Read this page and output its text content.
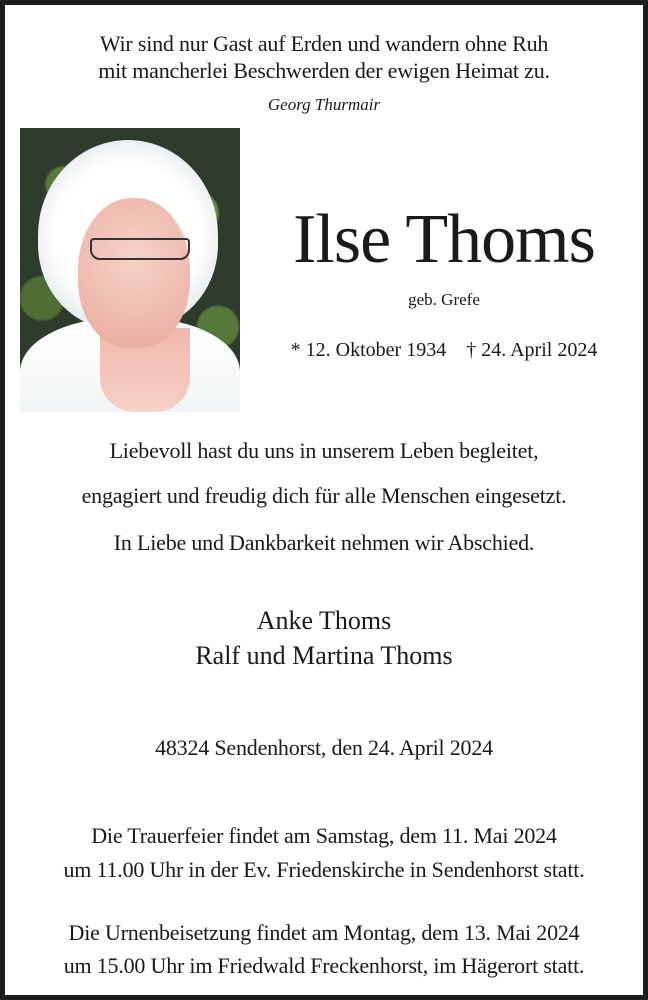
Wir sind nur Gast auf Erden und wandern ohne Ruh
mit mancherlei Beschwerden der ewigen Heimat zu.
Georg Thurmair
Ilse Thoms
geb. Grefe
* 12. Oktober 1934 † 24. April 2024
Liebevoll hast du uns in unserem Leben begleitet,
engagiert und freudig dich für alle Menschen eingesetzt.
In Liebe und Dankbarkeit nehmen wir Abschied.
Anke Thoms
Ralf und Martina Thoms
48324 Sendenhorst, den 24. April 2024
Die Trauerfeier findet am Samstag, dem 11. Mai 2024
um 11.00 Uhr in der Ev. Friedenskirche in Sendenhorst statt.
Die Urnenbeisetzung findet am Montag, dem 13. Mai 2024
um 15.00 Uhr im Friedwald Freckenhorst, im Hägerort statt.
